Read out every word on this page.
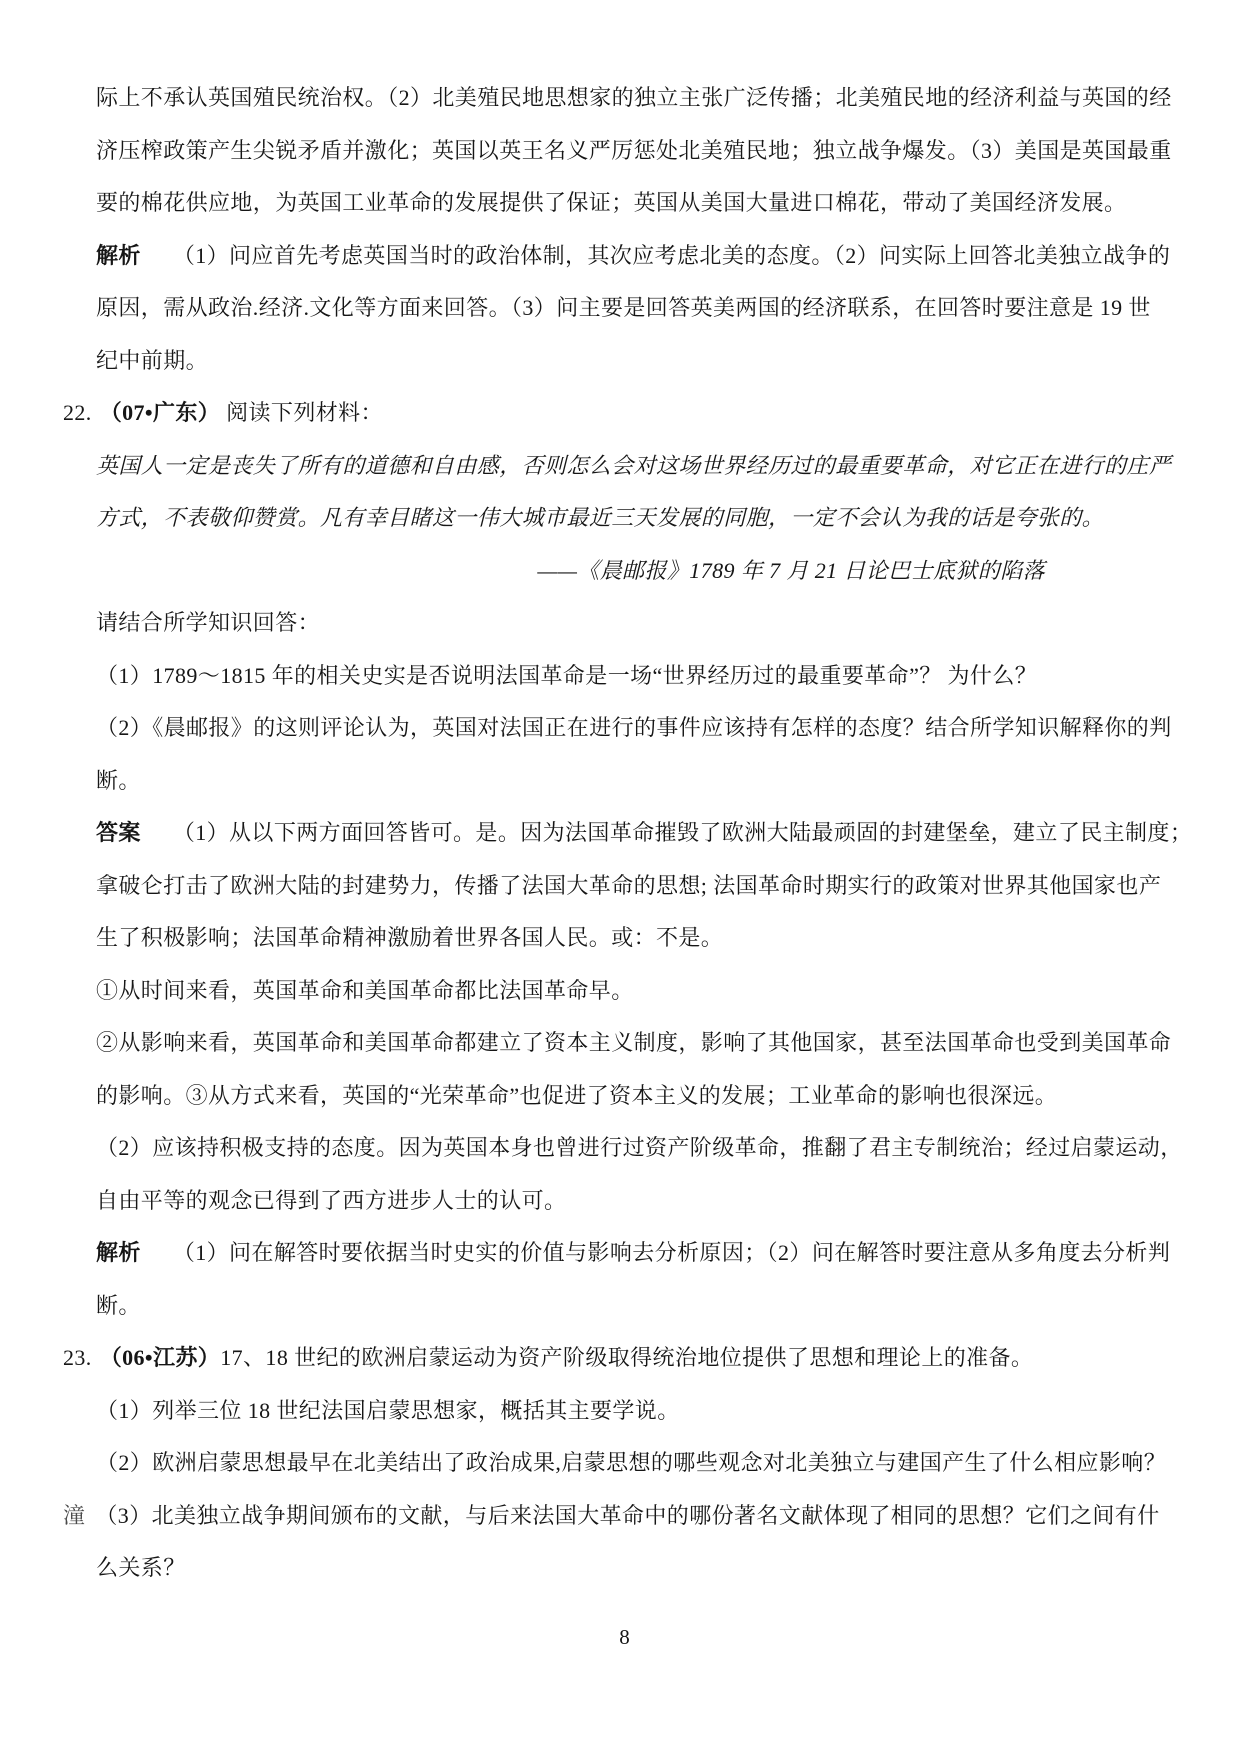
际上不承认英国殖民统治权。（2）北美殖民地思想家的独立主张广泛传播；北美殖民地的经济利益与英国的经
济压榨政策产生尖锐矛盾并激化；英国以英王名义严厉惩处北美殖民地；独立战争爆发。（3）美国是英国最重
要的棉花供应地，为英国工业革命的发展提供了保证；英国从美国大量进口棉花，带动了美国经济发展。
解析 （1）问应首先考虑英国当时的政治体制，其次应考虑北美的态度。（2）问实际上回答北美独立战争的
原因，需从政治.经济.文化等方面来回答。（3）问主要是回答英美两国的经济联系，在回答时要注意是 19 世
纪中前期。
22. （07•广东） 阅读下列材料：
英国人一定是丧失了所有的道德和自由感，否则怎么会对这场世界经历过的最重要革命，对它正在进行的庄严
方式，不表敬仰赞赏。凡有幸目睹这一伟大城市最近三天发展的同胞，一定不会认为我的话是夸张的。
——《晨邮报》1789 年 7 月 21 日论巴士底狱的陷落
请结合所学知识回答：
（1）1789～1815 年的相关史实是否说明法国革命是一场“世界经历过的最重要革命”？ 为什么？
（2）《晨邮报》的这则评论认为，英国对法国正在进行的事件应该持有怎样的态度？结合所学知识解释你的判
断。
答案 （1）从以下两方面回答皆可。是。因为法国革命摧毁了欧洲大陆最顽固的封建堡垒，建立了民主制度；
拿破仑打击了欧洲大陆的封建势力，传播了法国大革命的思想; 法国革命时期实行的政策对世界其他国家也产
生了积极影响；法国革命精神激励着世界各国人民。或：不是。
①从时间来看，英国革命和美国革命都比法国革命早。
②从影响来看，英国革命和美国革命都建立了资本主义制度，影响了其他国家，甚至法国革命也受到美国革命
的影响。③从方式来看，英国的“光荣革命”也促进了资本主义的发展；工业革命的影响也很深远。
（2）应该持积极支持的态度。因为英国本身也曾进行过资产阶级革命，推翻了君主专制统治；经过启蒙运动，
自由平等的观念已得到了西方进步人士的认可。
解析 （1）问在解答时要依据当时史实的价值与影响去分析原因；（2）问在解答时要注意从多角度去分析判
断。
23. （06•江苏）17、18 世纪的欧洲启蒙运动为资产阶级取得统治地位提供了思想和理论上的准备。
（1）列举三位 18 世纪法国启蒙思想家，概括其主要学说。
（2）欧洲启蒙思想最早在北美结出了政治成果,启蒙思想的哪些观念对北美独立与建国产生了什么相应影响？
潼 （3）北美独立战争期间颁布的文献，与后来法国大革命中的哪份著名文献体现了相同的思想？它们之间有什
么关系？
8
